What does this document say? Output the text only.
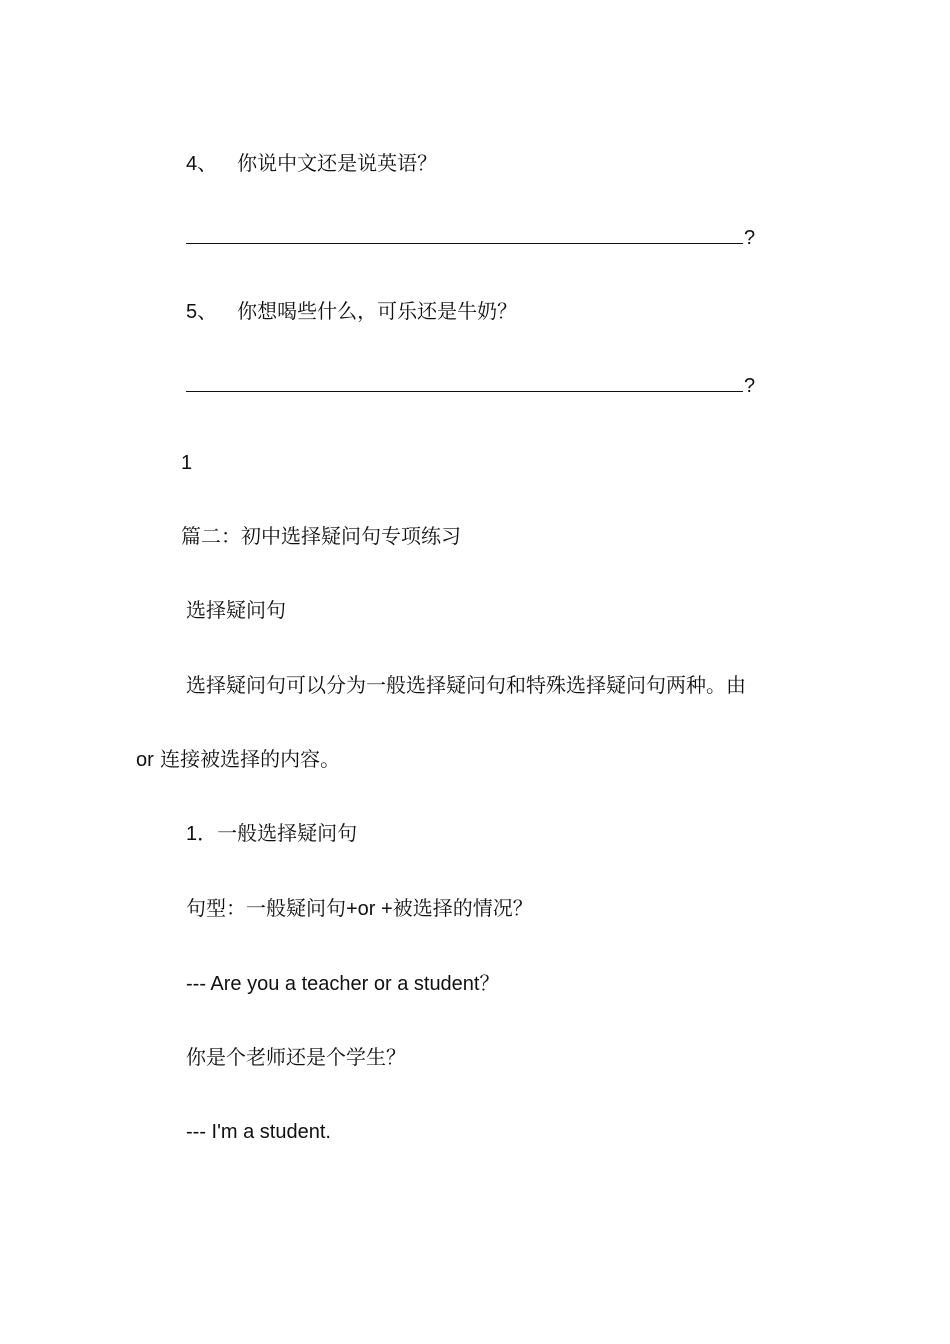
4、 你说中文还是说英语？
?
5、 你想喝些什么，可乐还是牛奶？
?
1
篇二：初中选择疑问句专项练习
选择疑问句
选择疑问句可以分为一般选择疑问句和特殊选择疑问句两种。由
or 连接被选择的内容。
1．一般选择疑问句
句型：一般疑问句+or +被选择的情况？
--- Are you a teacher or a student？
你是个老师还是个学生？
--- I'm a student.
